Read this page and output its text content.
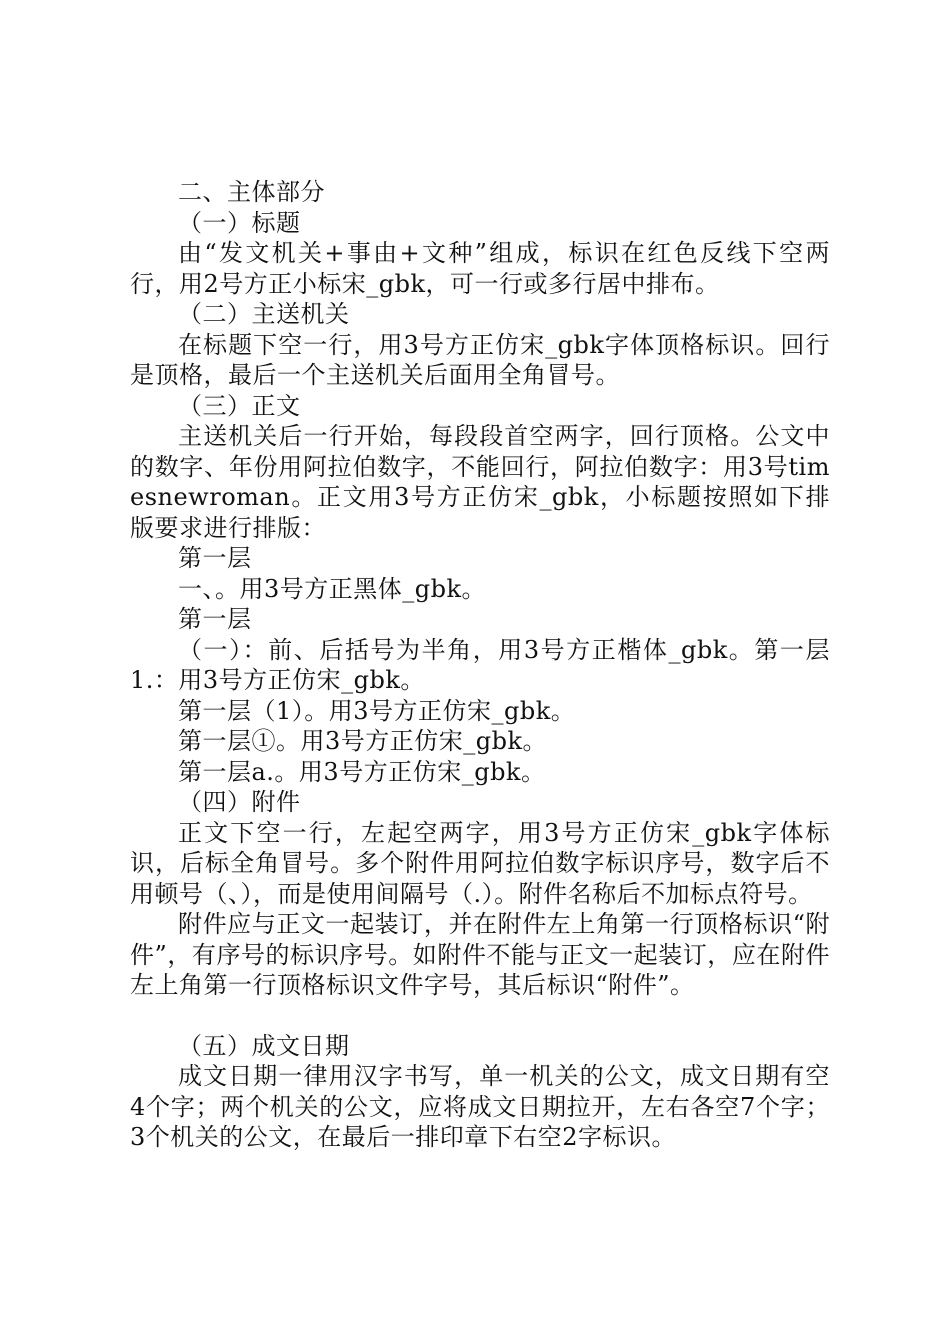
二、主体部分

（一）标题

由“发文机关+事由+文种”组成，标识在红色反线下空两行，用2号方正小标宋_gbk，可一行或多行居中排布。

（二）主送机关

在标题下空一行，用3号方正仿宋_gbk字体顶格标识。回行是顶格，最后一个主送机关后面用全角冒号。

（三）正文

主送机关后一行开始，每段段首空两字，回行顶格。公文中的数字、年份用阿拉伯数字，不能回行，阿拉伯数字：用3号timesnewroman。正文用3号方正仿宋_gbk，小标题按照如下排版要求进行排版：

第一层

一、。用3号方正黑体_gbk。

第一层

（一）：前、后括号为半角，用3号方正楷体_gbk。第一层1.：用3号方正仿宋_gbk。

第一层（1）。用3号方正仿宋_gbk。

第一层①。用3号方正仿宋_gbk。

第一层a.。用3号方正仿宋_gbk。

（四）附件

正文下空一行，左起空两字，用3号方正仿宋_gbk字体标识，后标全角冒号。多个附件用阿拉伯数字标识序号，数字后不用顿号（、），而是使用间隔号（.）。附件名称后不加标点符号。

附件应与正文一起装订，并在附件左上角第一行顶格标识“附件”，有序号的标识序号。如附件不能与正文一起装订，应在附件左上角第一行顶格标识文件字号，其后标识“附件”。

（五）成文日期

成文日期一律用汉字书写，单一机关的公文，成文日期有空4个字；两个机关的公文，应将成文日期拉开，左右各空7个字；3个机关的公文，在最后一排印章下右空2字标识。
